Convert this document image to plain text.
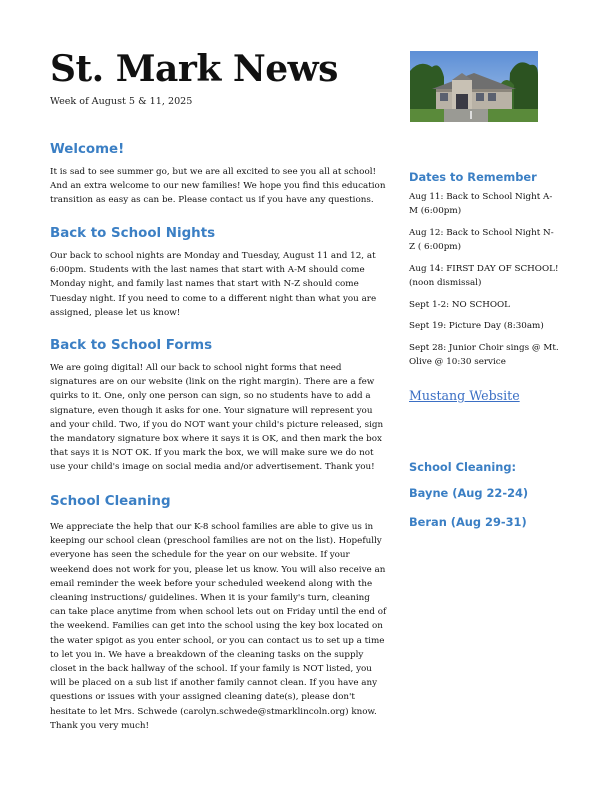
St. Mark News
Week of August 5 & 11, 2025
Welcome!

It is sad to see summer go, but we are all excited to see you all at school! And an extra welcome to our new families! We hope you find this education transition as easy as can be. Please contact us if you have any questions.

Back to School Nights

Our back to school nights are Monday and Tuesday, August 11 and 12, at 6:00pm. Students with the last names that start with A-M should come Monday night, and family last names that start with N-Z should come Tuesday night. If you need to come to a different night than what you are assigned, please let us know!

Back to School Forms

We are going digital! All our back to school night forms that need signatures are on our website (link on the right margin). There are a few quirks to it. One, only one person can sign, so no students have to add a signature, even though it asks for one. Your signature will represent you and your child. Two, if you do NOT want your child's picture released, sign the mandatory signature box where it says it is OK, and then mark the box that says it is NOT OK. If you mark the box, we will make sure we do not use your child's image on social media and/or advertisement. Thank you!

School Cleaning

We appreciate the help that our K-8 school families are able to give us in keeping our school clean (preschool families are not on the list). Hopefully everyone has seen the schedule for the year on our website. If your weekend does not work for you, please let us know. You will also receive an email reminder the week before your scheduled weekend along with the cleaning instructions/ guidelines. When it is your family's turn, cleaning can take place anytime from when school lets out on Friday until the end of the weekend. Families can get into the school using the key box located on the water spigot as you enter school, or you can contact us to set up a time to let you in. We have a breakdown of the cleaning tasks on the supply closet in the back hallway of the school. If your family is NOT listed, you will be placed on a sub list if another family cannot clean. If you have any questions or issues with your assigned cleaning date(s), please don't hesitate to let Mrs. Schwede (carolyn.schwede@stmarklincoln.org) know. Thank you very much!

Dates to Remember
Aug 11: Back to School Night A-M (6:00pm)
Aug 12: Back to School Night N-Z ( 6:00pm)
Aug 14: FIRST DAY OF SCHOOL! (noon dismissal)
Sept 1-2: NO SCHOOL
Sept 19: Picture Day (8:30am)
Sept 28: Junior Choir sings @ Mt. Olive @ 10:30 service
Mustang Website
School Cleaning:
Bayne (Aug 22-24)
Beran (Aug 29-31)
